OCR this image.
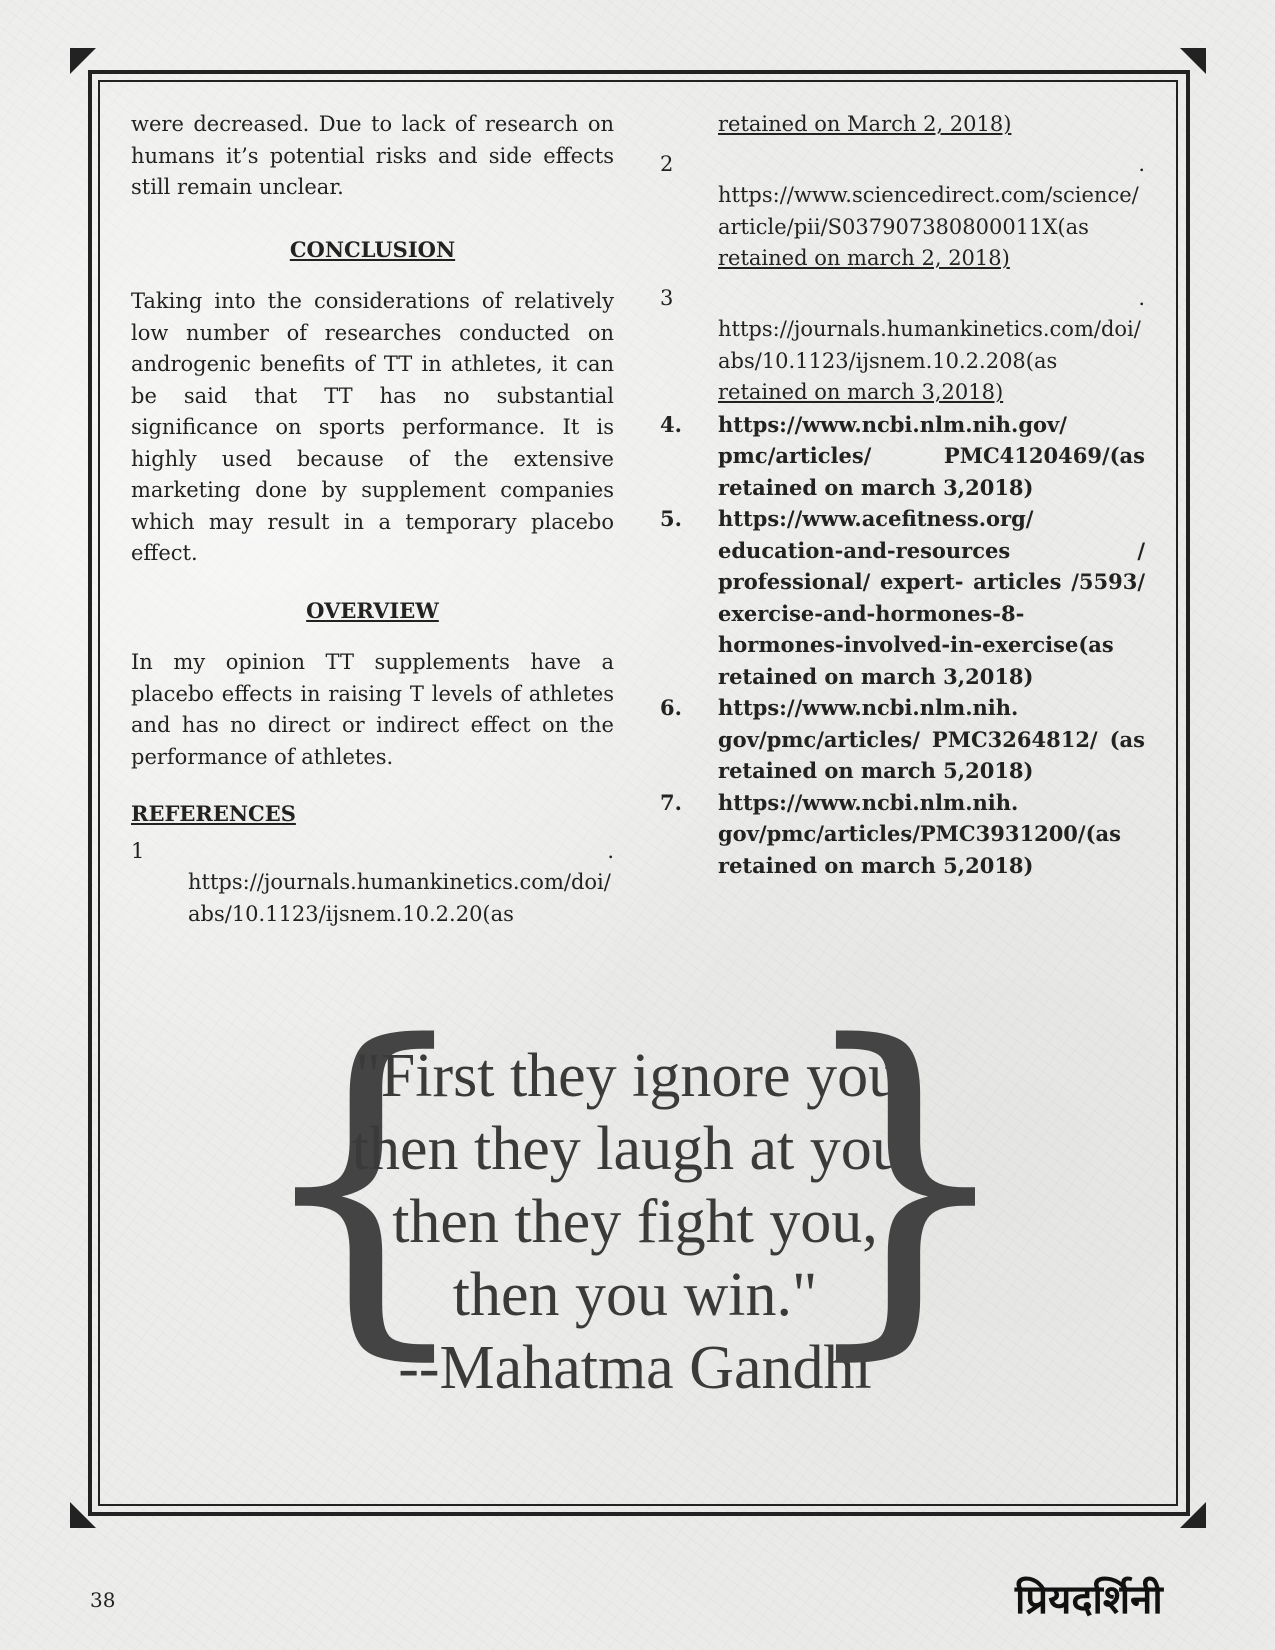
were decreased. Due to lack of research on humans it’s potential risks and side effects still remain unclear.

CONCLUSION

Taking into the considerations of relatively low number of researches conducted on androgenic benefits of TT in athletes, it can be said that TT has no substantial significance on sports performance. It is highly used because of the extensive marketing done by supplement companies which may result in a temporary placebo effect.

OVERVIEW

In my opinion TT supplements have a placebo effects in raising T levels of athletes and has no direct or indirect effect on the performance of athletes.

REFERENCES
1	.
https://journals.humankinetics.com/doi/abs/10.1123/ijsnem.10.2.20(as
retained on March 2, 2018)
2	.
https://www.sciencedirect.com/science/article/pii/S037907380800011X(as
retained on march 2, 2018)
3	.
https://journals.humankinetics.com/doi/abs/10.1123/ijsnem.10.2.208(as
retained on march 3,2018)
4. https://www.ncbi.nlm.nih.gov/ pmc/articles/ PMC4120469/(as retained on march 3,2018)
5. https://www.acefitness.org/ education-and-resources / professional/ expert- articles /5593/ exercise-and-hormones-8- hormones-involved-in-exercise(as retained on march 3,2018)
6. https://www.ncbi.nlm.nih. gov/pmc/articles/ PMC3264812/ (as retained on march 5,2018)
7. https://www.ncbi.nlm.nih. gov/pmc/articles/PMC3931200/(as retained on march 5,2018)
{
"First they ignore you,
then they laugh at you,
then they fight you,
then you win."
--Mahatma Gandhi
}
38	प्रियदर्शिनी
